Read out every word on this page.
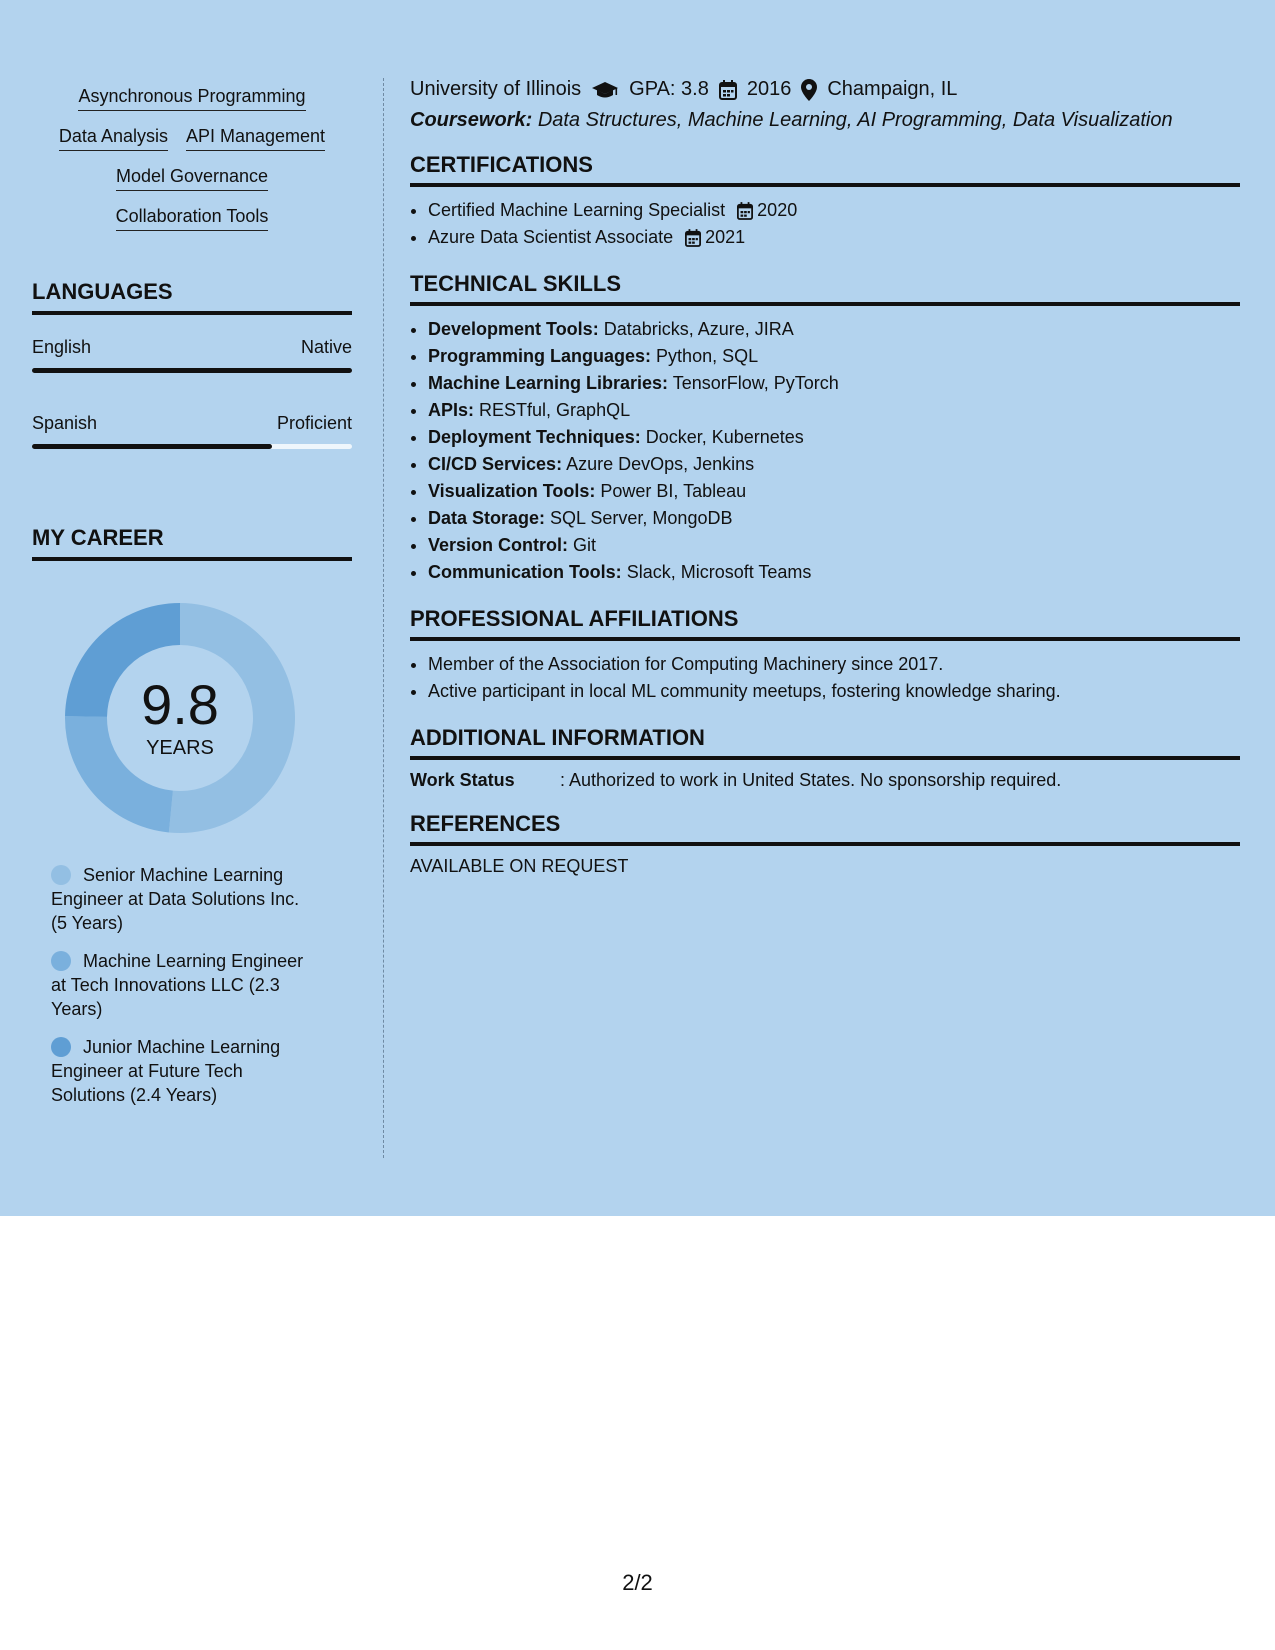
Asynchronous Programming
Data Analysis API Management
Model Governance
Collaboration Tools
LANGUAGES
English	Native
Spanish	Proficient
MY CAREER
9.8
YEARS
Senior Machine Learning Engineer at Data Solutions Inc. (5 Years)
Machine Learning Engineer at Tech Innovations LLC (2.3 Years)
Junior Machine Learning Engineer at Future Tech Solutions (2.4 Years)
University of Illinois GPA: 3.8 2016 Champaign, IL
Coursework: Data Structures, Machine Learning, AI Programming, Data Visualization
CERTIFICATIONS
• Certified Machine Learning Specialist 2020
• Azure Data Scientist Associate 2021
TECHNICAL SKILLS
• Development Tools: Databricks, Azure, JIRA
• Programming Languages: Python, SQL
• Machine Learning Libraries: TensorFlow, PyTorch
• APIs: RESTful, GraphQL
• Deployment Techniques: Docker, Kubernetes
• CI/CD Services: Azure DevOps, Jenkins
• Visualization Tools: Power BI, Tableau
• Data Storage: SQL Server, MongoDB
• Version Control: Git
• Communication Tools: Slack, Microsoft Teams
PROFESSIONAL AFFILIATIONS
• Member of the Association for Computing Machinery since 2017.
• Active participant in local ML community meetups, fostering knowledge sharing.
ADDITIONAL INFORMATION
Work Status	: Authorized to work in United States. No sponsorship required.
REFERENCES
AVAILABLE ON REQUEST
2/2
